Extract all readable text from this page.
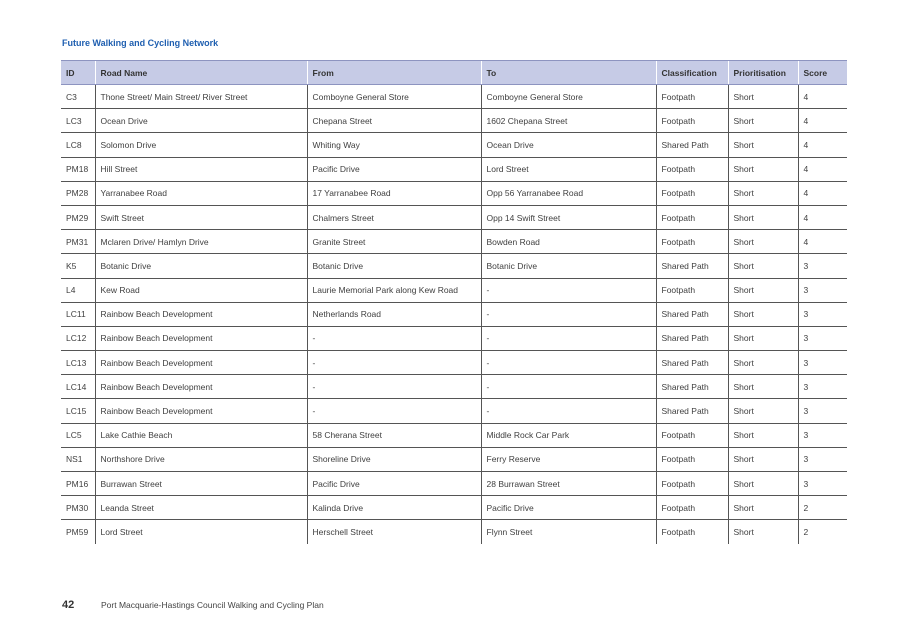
Future Walking and Cycling Network
ID	Road Name	From	To	Classification	Prioritisation	Score
C3	Thone Street/ Main Street/ River Street	Comboyne General Store	Comboyne General Store	Footpath	Short	4
LC3	Ocean Drive	Chepana Street	1602 Chepana Street	Footpath	Short	4
LC8	Solomon Drive	Whiting Way	Ocean Drive	Shared Path	Short	4
PM18	Hill Street	Pacific Drive	Lord Street	Footpath	Short	4
PM28	Yarranabee Road	17 Yarranabee Road	Opp 56 Yarranabee Road	Footpath	Short	4
PM29	Swift Street	Chalmers Street	Opp 14 Swift Street	Footpath	Short	4
PM31	Mclaren Drive/ Hamlyn Drive	Granite Street	Bowden Road	Footpath	Short	4
K5	Botanic Drive	Botanic Drive	Botanic Drive	Shared Path	Short	3
L4	Kew Road	Laurie Memorial Park along Kew Road	-	Footpath	Short	3
LC11	Rainbow Beach Development	Netherlands Road	-	Shared Path	Short	3
LC12	Rainbow Beach Development	-	-	Shared Path	Short	3
LC13	Rainbow Beach Development	-	-	Shared Path	Short	3
LC14	Rainbow Beach Development	-	-	Shared Path	Short	3
LC15	Rainbow Beach Development	-	-	Shared Path	Short	3
LC5	Lake Cathie Beach	58 Cherana Street	Middle Rock Car Park	Footpath	Short	3
NS1	Northshore Drive	Shoreline Drive	Ferry Reserve	Footpath	Short	3
PM16	Burrawan Street	Pacific Drive	28 Burrawan Street	Footpath	Short	3
PM30	Leanda Street	Kalinda Drive	Pacific Drive	Footpath	Short	2
PM59	Lord Street	Herschell Street	Flynn Street	Footpath	Short	2
42	Port Macquarie-Hastings Council Walking and Cycling Plan
